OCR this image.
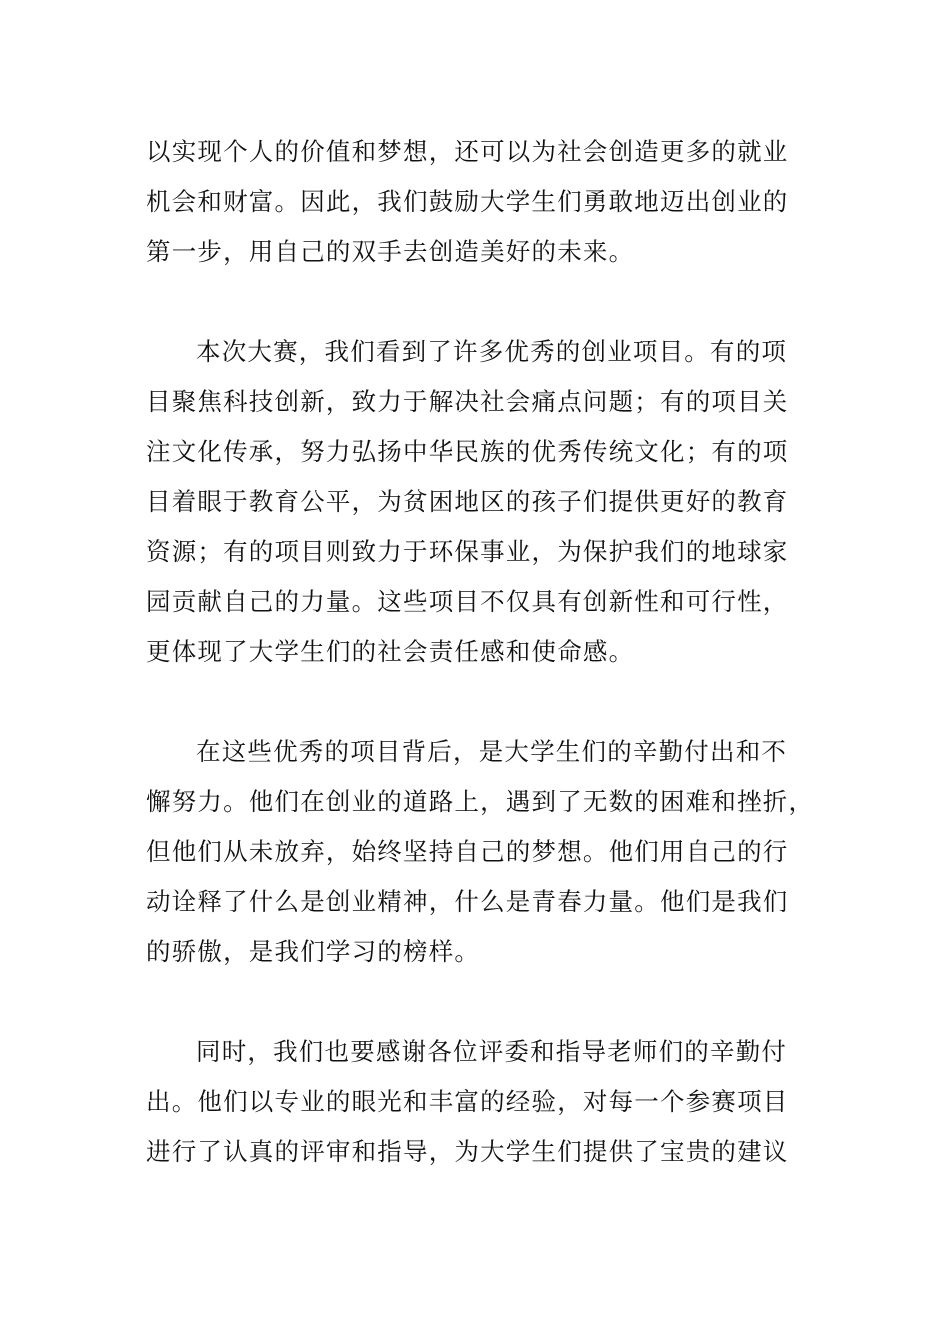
以实现个人的价值和梦想，还可以为社会创造更多的就业
机会和财富。因此，我们鼓励大学生们勇敢地迈出创业的
第一步，用自己的双手去创造美好的未来。
本次大赛，我们看到了许多优秀的创业项目。有的项
目聚焦科技创新，致力于解决社会痛点问题；有的项目关
注文化传承，努力弘扬中华民族的优秀传统文化；有的项
目着眼于教育公平，为贫困地区的孩子们提供更好的教育
资源；有的项目则致力于环保事业，为保护我们的地球家
园贡献自己的力量。这些项目不仅具有创新性和可行性，
更体现了大学生们的社会责任感和使命感。
在这些优秀的项目背后，是大学生们的辛勤付出和不
懈努力。他们在创业的道路上，遇到了无数的困难和挫折，
但他们从未放弃，始终坚持自己的梦想。他们用自己的行
动诠释了什么是创业精神，什么是青春力量。他们是我们
的骄傲，是我们学习的榜样。
同时，我们也要感谢各位评委和指导老师们的辛勤付
出。他们以专业的眼光和丰富的经验，对每一个参赛项目
进行了认真的评审和指导，为大学生们提供了宝贵的建议
